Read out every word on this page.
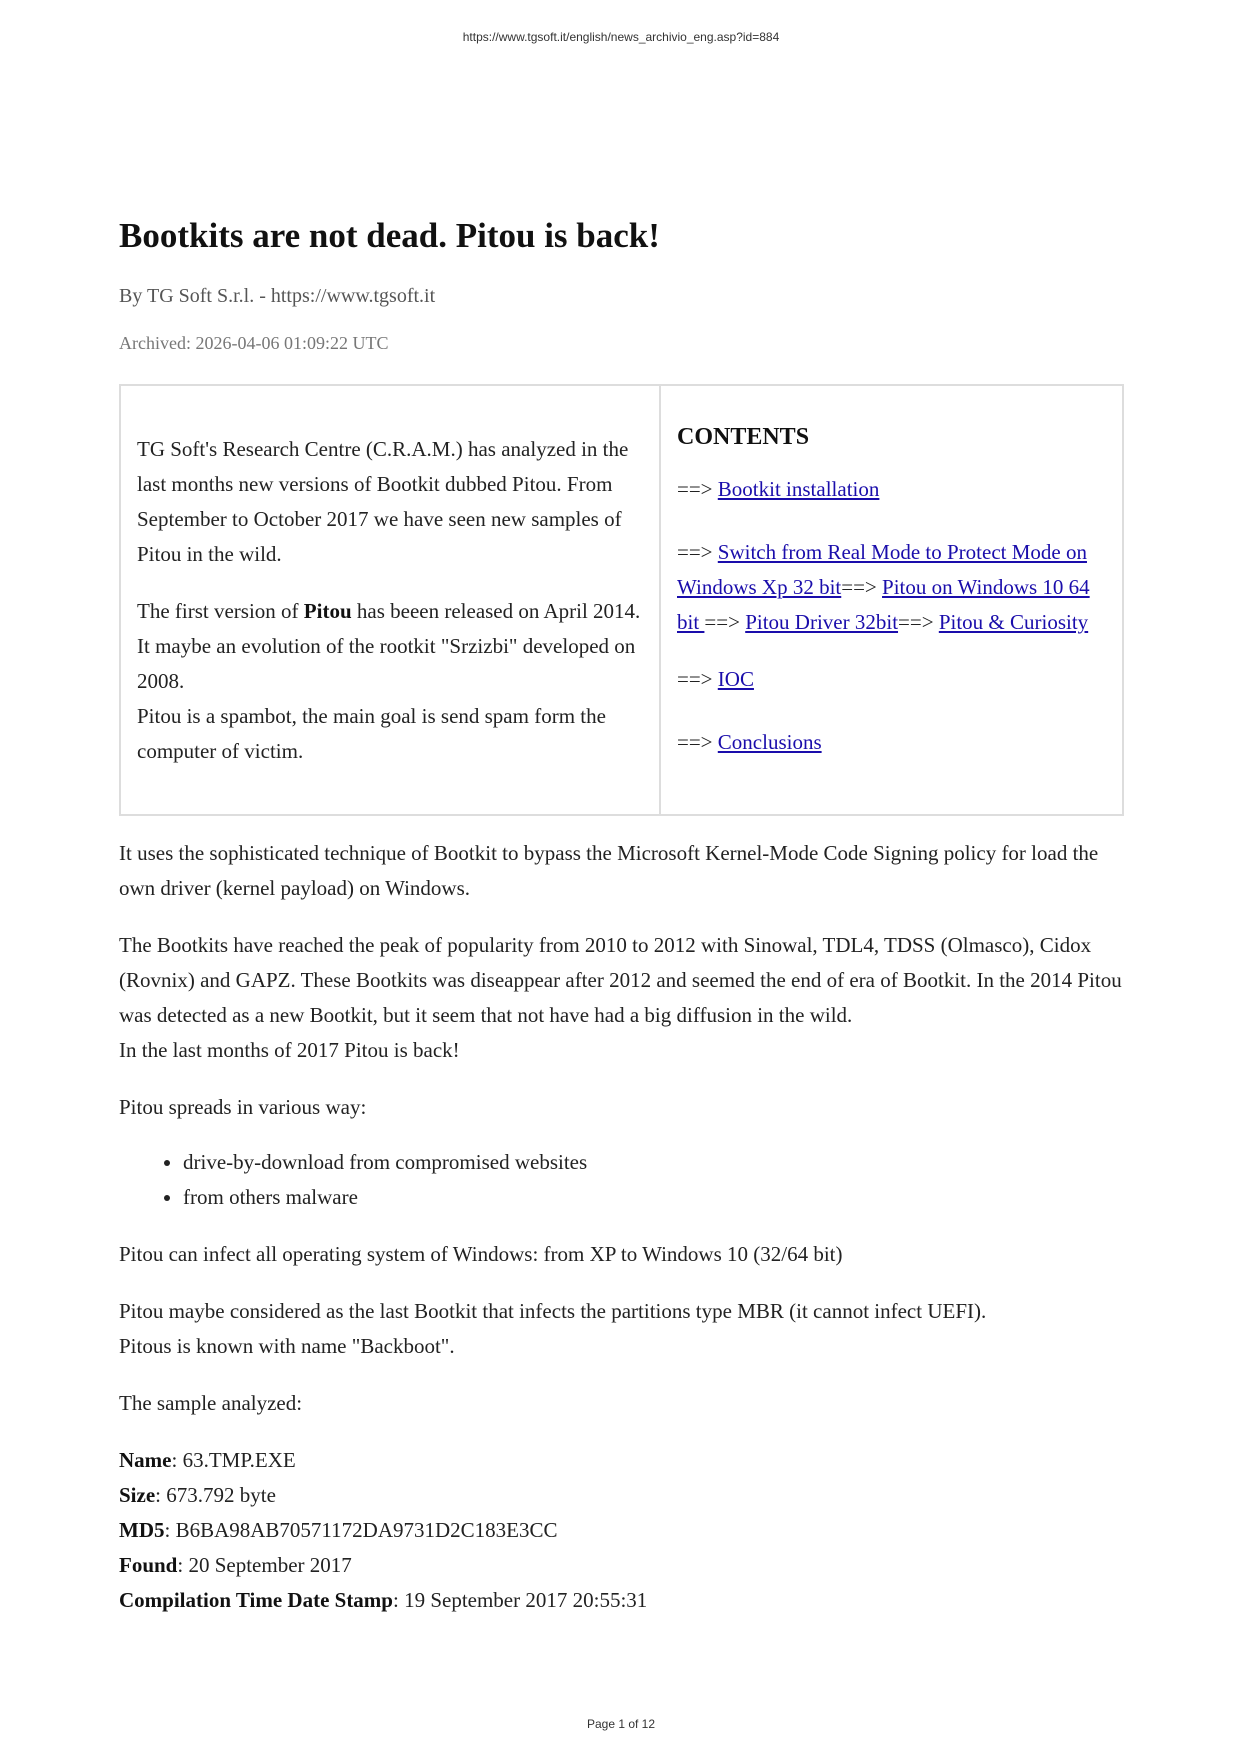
https://www.tgsoft.it/english/news_archivio_eng.asp?id=884
Bootkits are not dead. Pitou is back!
By TG Soft S.r.l. - https://www.tgsoft.it
Archived: 2026-04-06 01:09:22 UTC

TG Soft's Research Centre (C.R.A.M.) has analyzed in the last months new versions of Bootkit dubbed Pitou. From September to October 2017 we have seen new samples of Pitou in the wild.

The first version of Pitou has beeen released on April 2014. It maybe an evolution of the rootkit "Srzizbi" developed on 2008.

Pitou is a spambot, the main goal is send spam form the computer of victim.

CONTENTS

==> Bootkit installation

==> Switch from Real Mode to Protect Mode on Windows Xp 32 bit==> Pitou on Windows 10 64 bit ==> Pitou Driver 32bit==> Pitou & Curiosity

==> IOC

==> Conclusions

It uses the sophisticated technique of Bootkit to bypass the Microsoft Kernel-Mode Code Signing policy for load the own driver (kernel payload) on Windows.

The Bootkits have reached the peak of popularity from 2010 to 2012 with Sinowal, TDL4, TDSS (Olmasco), Cidox (Rovnix) and GAPZ. These Bootkits was diseappear after 2012 and seemed the end of era of Bootkit. In the 2014 Pitou was detected as a new Bootkit, but it seem that not have had a big diffusion in the wild.

In the last months of 2017 Pitou is back!

Pitou spreads in various way:

• drive-by-download from compromised websites
• from others malware

Pitou can infect all operating system of Windows: from XP to Windows 10 (32/64 bit)

Pitou maybe considered as the last Bootkit that infects the partitions type MBR (it cannot infect UEFI).

Pitous is known with name "Backboot".

The sample analyzed:

Name: 63.TMP.EXE

Size: 673.792 byte

MD5: B6BA98AB70571172DA9731D2C183E3CC

Found: 20 September 2017

Compilation Time Date Stamp: 19 September 2017 20:55:31

Page 1 of 12
